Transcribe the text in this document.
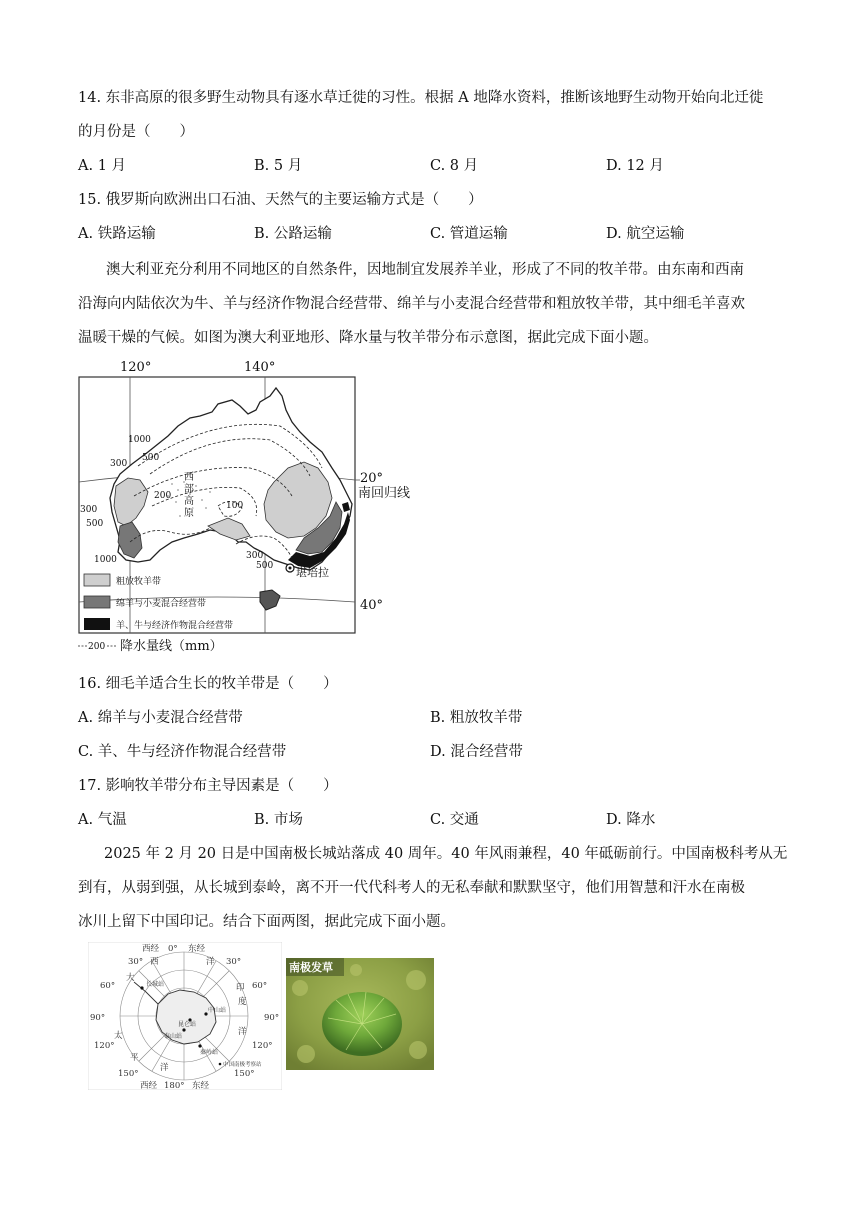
14. 东非高原的很多野生动物具有逐水草迁徙的习性。根据 A 地降水资料，推断该地野生动物开始向北迁徙
的月份是（　　）
A. 1 月	B. 5 月	C. 8 月	D. 12 月
15. 俄罗斯向欧洲出口石油、天然气的主要运输方式是（　　）
A. 铁路运输	B. 公路运输	C. 管道运输	D. 航空运输
澳大利亚充分利用不同地区的自然条件，因地制宜发展养羊业，形成了不同的牧羊带。由东南和西南
沿海向内陆依次为牛、羊与经济作物混合经营带、绵羊与小麦混合经营带和粗放牧羊带，其中细毛羊喜欢
温暖干燥的气候。如图为澳大利亚地形、降水量与牧羊带分布示意图，据此完成下面小题。
1000
500
300
200
100
300
500
1000
300
500
西
部
高
原
堪培拉
120°	140°
20°
南回归线
40°
粗放牧羊带
绵羊与小麦混合经营带
羊、牛与经济作物混合经营带
200 降水量线（mm）
16. 细毛羊适合生长的牧羊带是（　　）
A. 绵羊与小麦混合经营带	B. 粗放牧羊带
C. 羊、牛与经济作物混合经营带	D. 混合经营带
17. 影响牧羊带分布主导因素是（　　）
A. 气温	B. 市场	C. 交通	D. 降水
2025 年 2 月 20 日是中国南极长城站落成 40 周年。40 年风雨兼程，40 年砥砺前行。中国南极科考从无
到有，从弱到强，从长城到泰岭，离不开一代代科考人的无私奉献和默默坚守，他们用智慧和汗水在南极
冰川上留下中国印记。结合下面两图，据此完成下面小题。
长城站
中山站
昆仑站
泰山站
秦岭站
西经 0° 东经
西经 180° 东经
30°	30°
60°	60°
90°	90°
120°	120°
150°	150°
大
西	洋
印
度
洋
太
平
洋	中国南极考察站
南极发草
